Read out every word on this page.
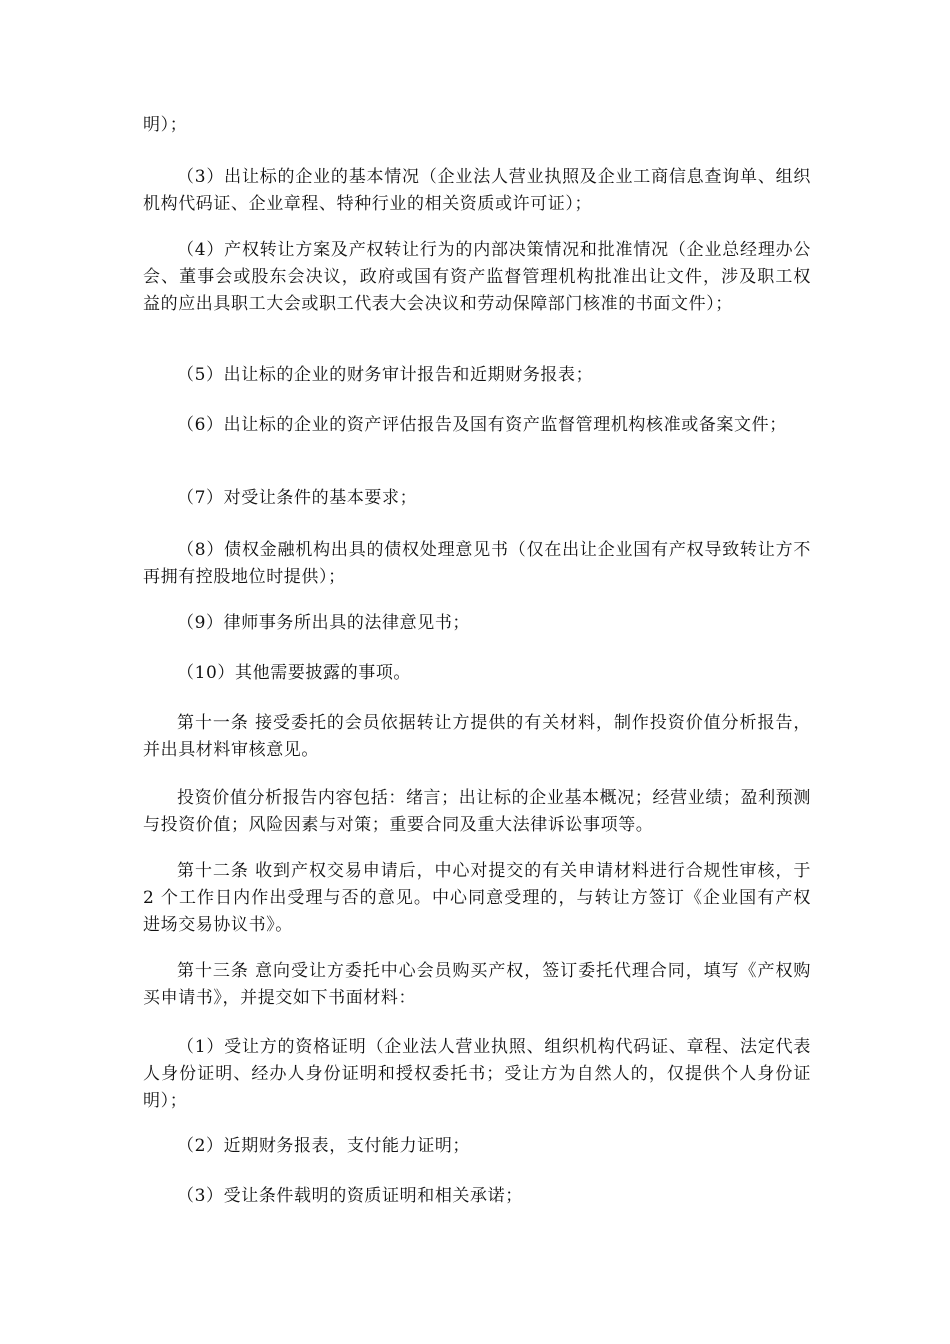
明）；

（3）出让标的企业的基本情况（企业法人营业执照及企业工商信息查询单、组织机构代码证、企业章程、特种行业的相关资质或许可证）；

（4）产权转让方案及产权转让行为的内部决策情况和批准情况（企业总经理办公会、董事会或股东会决议，政府或国有资产监督管理机构批准出让文件，涉及职工权益的应出具职工大会或职工代表大会决议和劳动保障部门核准的书面文件）；

（5）出让标的企业的财务审计报告和近期财务报表；

（6）出让标的企业的资产评估报告及国有资产监督管理机构核准或备案文件；

（7）对受让条件的基本要求；

（8）债权金融机构出具的债权处理意见书（仅在出让企业国有产权导致转让方不再拥有控股地位时提供）；

（9）律师事务所出具的法律意见书；

（10）其他需要披露的事项。

第十一条 接受委托的会员依据转让方提供的有关材料，制作投资价值分析报告，并出具材料审核意见。

投资价值分析报告内容包括：绪言；出让标的企业基本概况；经营业绩；盈利预测与投资价值；风险因素与对策；重要合同及重大法律诉讼事项等。

第十二条 收到产权交易申请后，中心对提交的有关申请材料进行合规性审核，于 2 个工作日内作出受理与否的意见。中心同意受理的，与转让方签订《企业国有产权进场交易协议书》。

第十三条 意向受让方委托中心会员购买产权，签订委托代理合同，填写《产权购买申请书》，并提交如下书面材料：

（1）受让方的资格证明（企业法人营业执照、组织机构代码证、章程、法定代表人身份证明、经办人身份证明和授权委托书；受让方为自然人的，仅提供个人身份证明）；

（2）近期财务报表，支付能力证明；

（3）受让条件载明的资质证明和相关承诺；
